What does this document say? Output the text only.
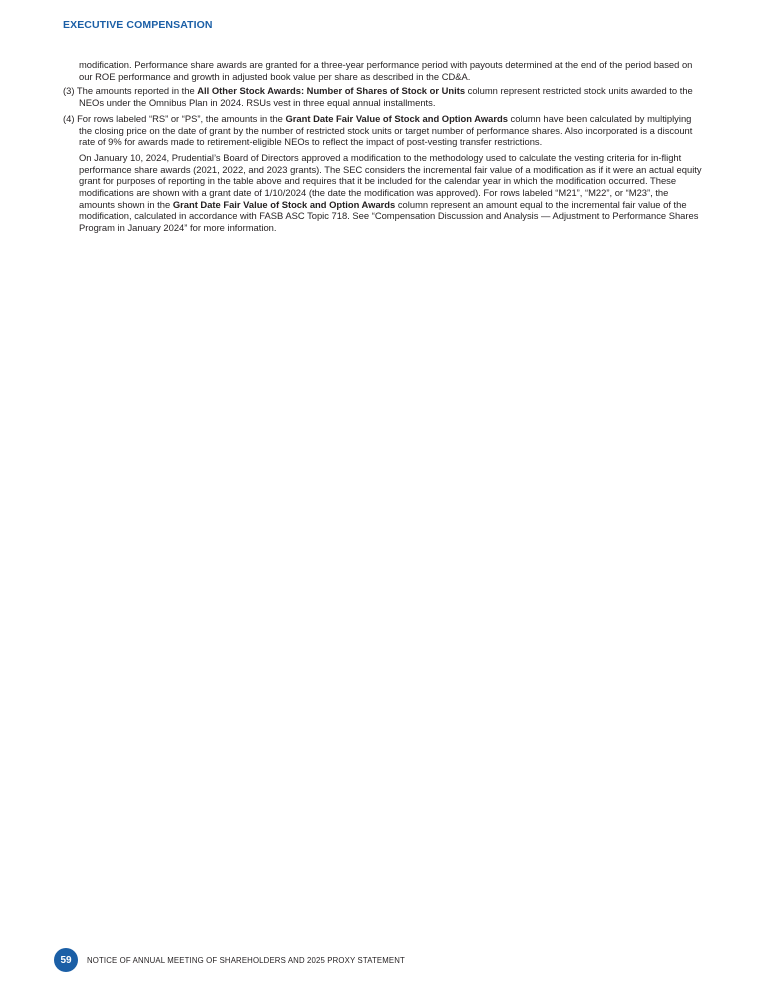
EXECUTIVE COMPENSATION

modification. Performance share awards are granted for a three-year performance period with payouts determined at the end of the period based on our ROE performance and growth in adjusted book value per share as described in the CD&A.

(3) The amounts reported in the All Other Stock Awards: Number of Shares of Stock or Units column represent restricted stock units awarded to the NEOs under the Omnibus Plan in 2024. RSUs vest in three equal annual installments.

(4) For rows labeled “RS” or “PS”, the amounts in the Grant Date Fair Value of Stock and Option Awards column have been calculated by multiplying the closing price on the date of grant by the number of restricted stock units or target number of performance shares. Also incorporated is a discount rate of 9% for awards made to retirement-eligible NEOs to reflect the impact of post-vesting transfer restrictions.

On January 10, 2024, Prudential’s Board of Directors approved a modification to the methodology used to calculate the vesting criteria for in-flight performance share awards (2021, 2022, and 2023 grants). The SEC considers the incremental fair value of a modification as if it were an actual equity grant for purposes of reporting in the table above and requires that it be included for the calendar year in which the modification occurred. These modifications are shown with a grant date of 1/10/2024 (the date the modification was approved). For rows labeled “M21”, “M22”, or “M23”, the amounts shown in the Grant Date Fair Value of Stock and Option Awards column represent an amount equal to the incremental fair value of the modification, calculated in accordance with FASB ASC Topic 718. See “Compensation Discussion and Analysis — Adjustment to Performance Shares Program in January 2024” for more information.

59	NOTICE OF ANNUAL MEETING OF SHAREHOLDERS AND 2025 PROXY STATEMENT
